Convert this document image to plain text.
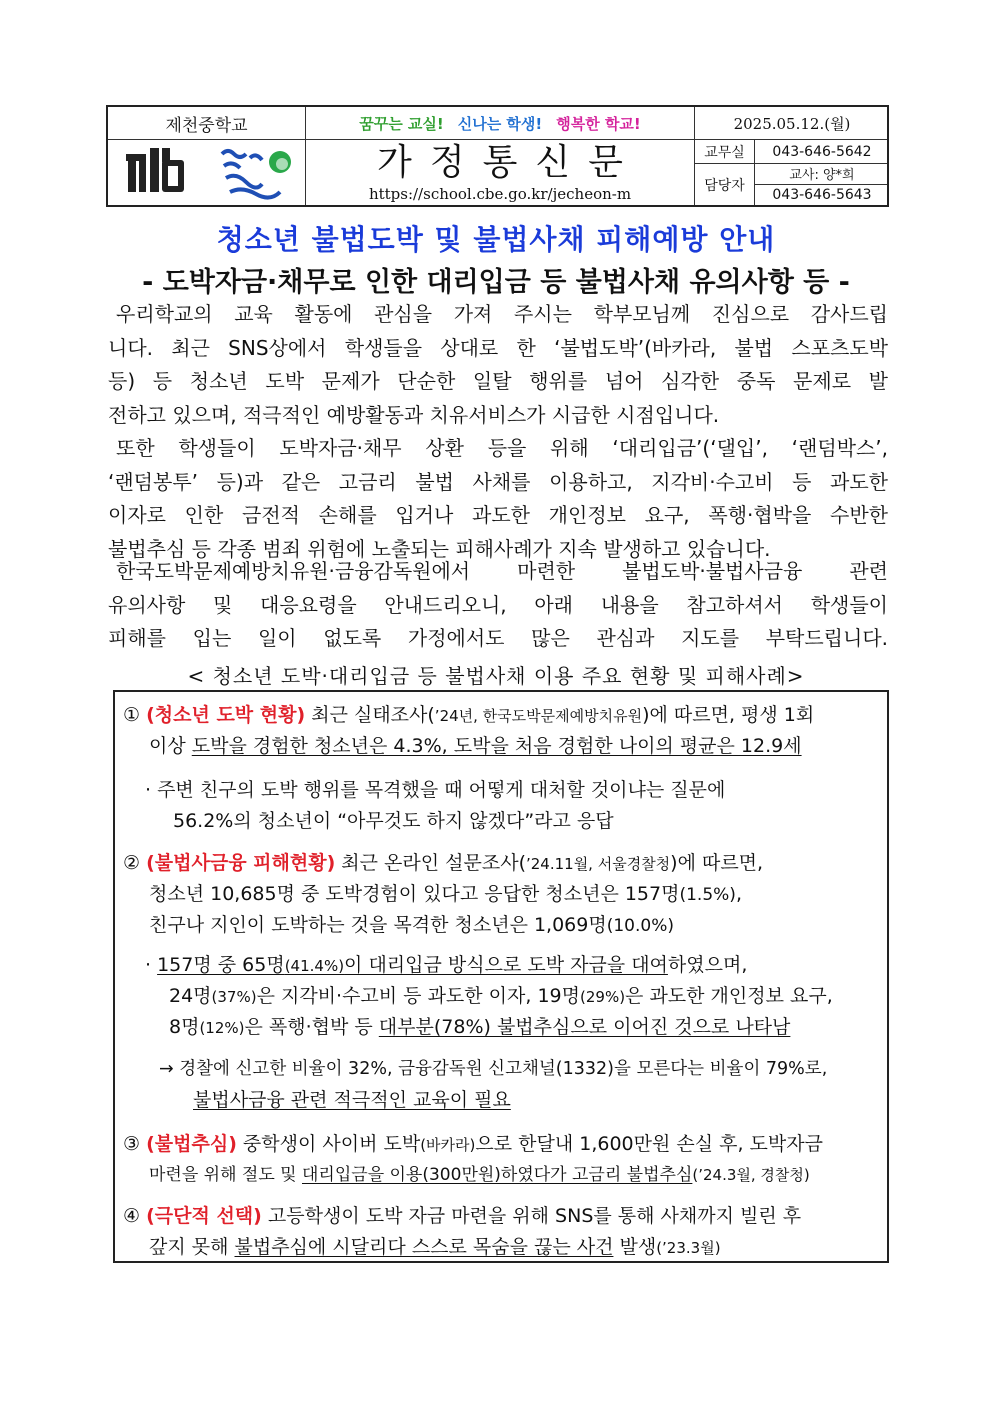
제천중학교	꿈꾸는 교실! 신나는 학생! 행복한 학교!	2025.05.12.(월)
가정통신문
https://school.cbe.go.kr/jecheon-m
교무실	043-646-5642
담당자
교사: 양*희
043-646-5643
청소년 불법도박 및 불법사채 피해예방 안내
- 도박자금·채무로 인한 대리입금 등 불법사채 유의사항 등 -
우리학교의 교육 활동에 관심을 가져 주시는 학부모님께 진심으로 감사드립
니다. 최근 SNS상에서 학생들을 상대로 한 ‘불법도박’(바카라, 불법 스포츠도박
등) 등 청소년 도박 문제가 단순한 일탈 행위를 넘어 심각한 중독 문제로 발
전하고 있으며, 적극적인 예방활동과 치유서비스가 시급한 시점입니다.
또한 학생들이 도박자금·채무 상환 등을 위해 ‘대리입금’(‘댈입’, ‘랜덤박스’,
‘랜덤봉투’ 등)과 같은 고금리 불법 사채를 이용하고, 지각비·수고비 등 과도한
이자로 인한 금전적 손해를 입거나 과도한 개인정보 요구, 폭행·협박을 수반한
불법추심 등 각종 범죄 위험에 노출되는 피해사례가 지속 발생하고 있습니다.
한국도박문제예방치유원·금융감독원에서 마련한 불법도박·불법사금융 관련
유의사항 및 대응요령을 안내드리오니, 아래 내용을 참고하셔서 학생들이
피해를 입는 일이 없도록 가정에서도 많은 관심과 지도를 부탁드립니다.
< 청소년 도박·대리입금 등 불법사채 이용 주요 현황 및 피해사례>
① (청소년 도박 현황) 최근 실태조사(’24년, 한국도박문제예방치유원)에 따르면, 평생 1회
이상 도박을 경험한 청소년은 4.3%, 도박을 처음 경험한 나이의 평균은 12.9세
· 주변 친구의 도박 행위를 목격했을 때 어떻게 대처할 것이냐는 질문에
56.2%의 청소년이 “아무것도 하지 않겠다”라고 응답
② (불법사금융 피해현황) 최근 온라인 설문조사(’24.11월, 서울경찰청)에 따르면,
청소년 10,685명 중 도박경험이 있다고 응답한 청소년은 157명(1.5%),
친구나 지인이 도박하는 것을 목격한 청소년은 1,069명(10.0%)
· 157명 중 65명(41.4%)이 대리입금 방식으로 도박 자금을 대여하였으며,
24명(37%)은 지각비·수고비 등 과도한 이자, 19명(29%)은 과도한 개인정보 요구,
8명(12%)은 폭행·협박 등 대부분(78%) 불법추심으로 이어진 것으로 나타남
→ 경찰에 신고한 비율이 32%, 금융감독원 신고채널(1332)을 모른다는 비율이 79%로,
불법사금융 관련 적극적인 교육이 필요
③ (불법추심) 중학생이 사이버 도박(바카라)으로 한달내 1,600만원 손실 후, 도박자금
마련을 위해 절도 및 대리입금을 이용(300만원)하였다가 고금리 불법추심(’24.3월, 경찰청)
④ (극단적 선택) 고등학생이 도박 자금 마련을 위해 SNS를 통해 사채까지 빌린 후
갚지 못해 불법추심에 시달리다 스스로 목숨을 끊는 사건 발생(’23.3월)
